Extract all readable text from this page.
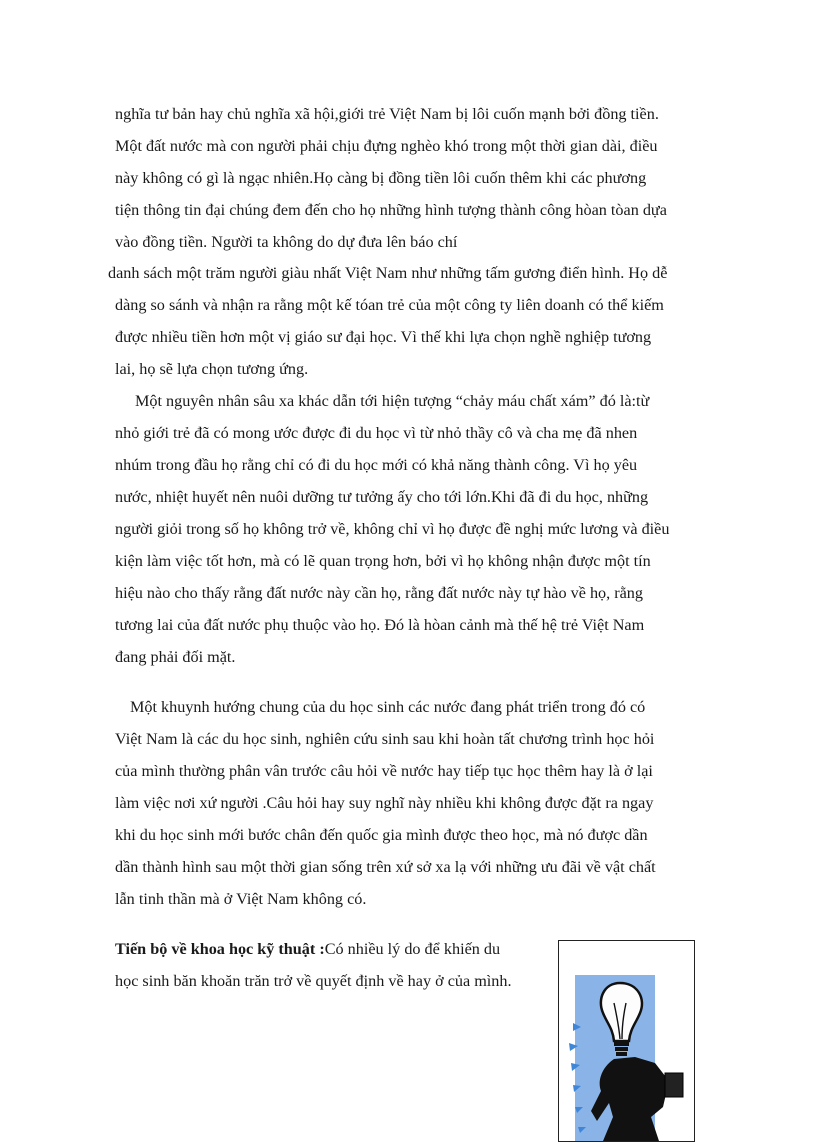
nghĩa tư bản hay chủ nghĩa xã hội,giới trẻ Việt Nam bị lôi cuốn mạnh bởi đồng tiền.
Một đất nước mà con người phải chịu đựng nghèo khó trong một thời gian dài, điều
này không có gì là ngạc nhiên.Họ càng bị đồng tiền lôi cuốn thêm khi các phương
tiện thông tin đại chúng đem đến cho họ những hình tượng thành công hòan tòan dựa
vào đồng tiền. Người ta không do dự đưa lên báo chí
danh sách một trăm người giàu nhất Việt Nam như những tấm gương điển hình. Họ dễ
dàng so sánh và nhận ra rằng một kế tóan trẻ của một công ty liên doanh có thể kiếm
được nhiều tiền hơn một vị giáo sư đại học. Vì thế khi lựa chọn nghề nghiệp tương
lai, họ sẽ lựa chọn tương ứng.
Một nguyên nhân sâu xa khác dẫn tới hiện tượng “chảy máu chất xám” đó là:từ
nhỏ giới trẻ đã có mong ước được đi du học vì từ nhỏ thầy cô và cha mẹ đã nhen
nhúm trong đầu họ rằng chỉ có đi du học mới có khả năng thành công. Vì họ yêu
nước, nhiệt huyết nên nuôi dưỡng tư tưởng ấy cho tới lớn.Khi đã đi du học, những
người giỏi trong số họ không trở về, không chỉ vì họ được đề nghị mức lương và điều
kiện làm việc tốt hơn, mà có lẽ quan trọng hơn, bởi vì họ không nhận được một tín
hiệu nào cho thấy rằng đất nước này cần họ, rằng đất nước này tự hào về họ, rằng
tương lai của đất nước phụ thuộc vào họ. Đó là hòan cảnh mà thế hệ trẻ Việt Nam
đang phải đối mặt.
Một khuynh hướng chung của du học sinh các nước đang phát triển trong đó có
Việt Nam là các du học sinh, nghiên cứu sinh sau khi hoàn tất chương trình học hỏi
của mình thường phân vân trước câu hỏi về nước hay tiếp tục học thêm hay là ở lại
làm việc nơi xứ người .Câu hỏi hay suy nghĩ này nhiều khi không được đặt ra ngay
khi du học sinh mới bước chân đến quốc gia mình được theo học, mà nó được dần
dần thành hình sau một thời gian sống trên xứ sở xa lạ với những ưu đãi về vật chất
lẫn tinh thần mà ở Việt Nam không có.
Tiến bộ về khoa học kỹ thuật :Có nhiều lý do để khiến du
học sinh băn khoăn trăn trở về quyết định về hay ở của mình.
